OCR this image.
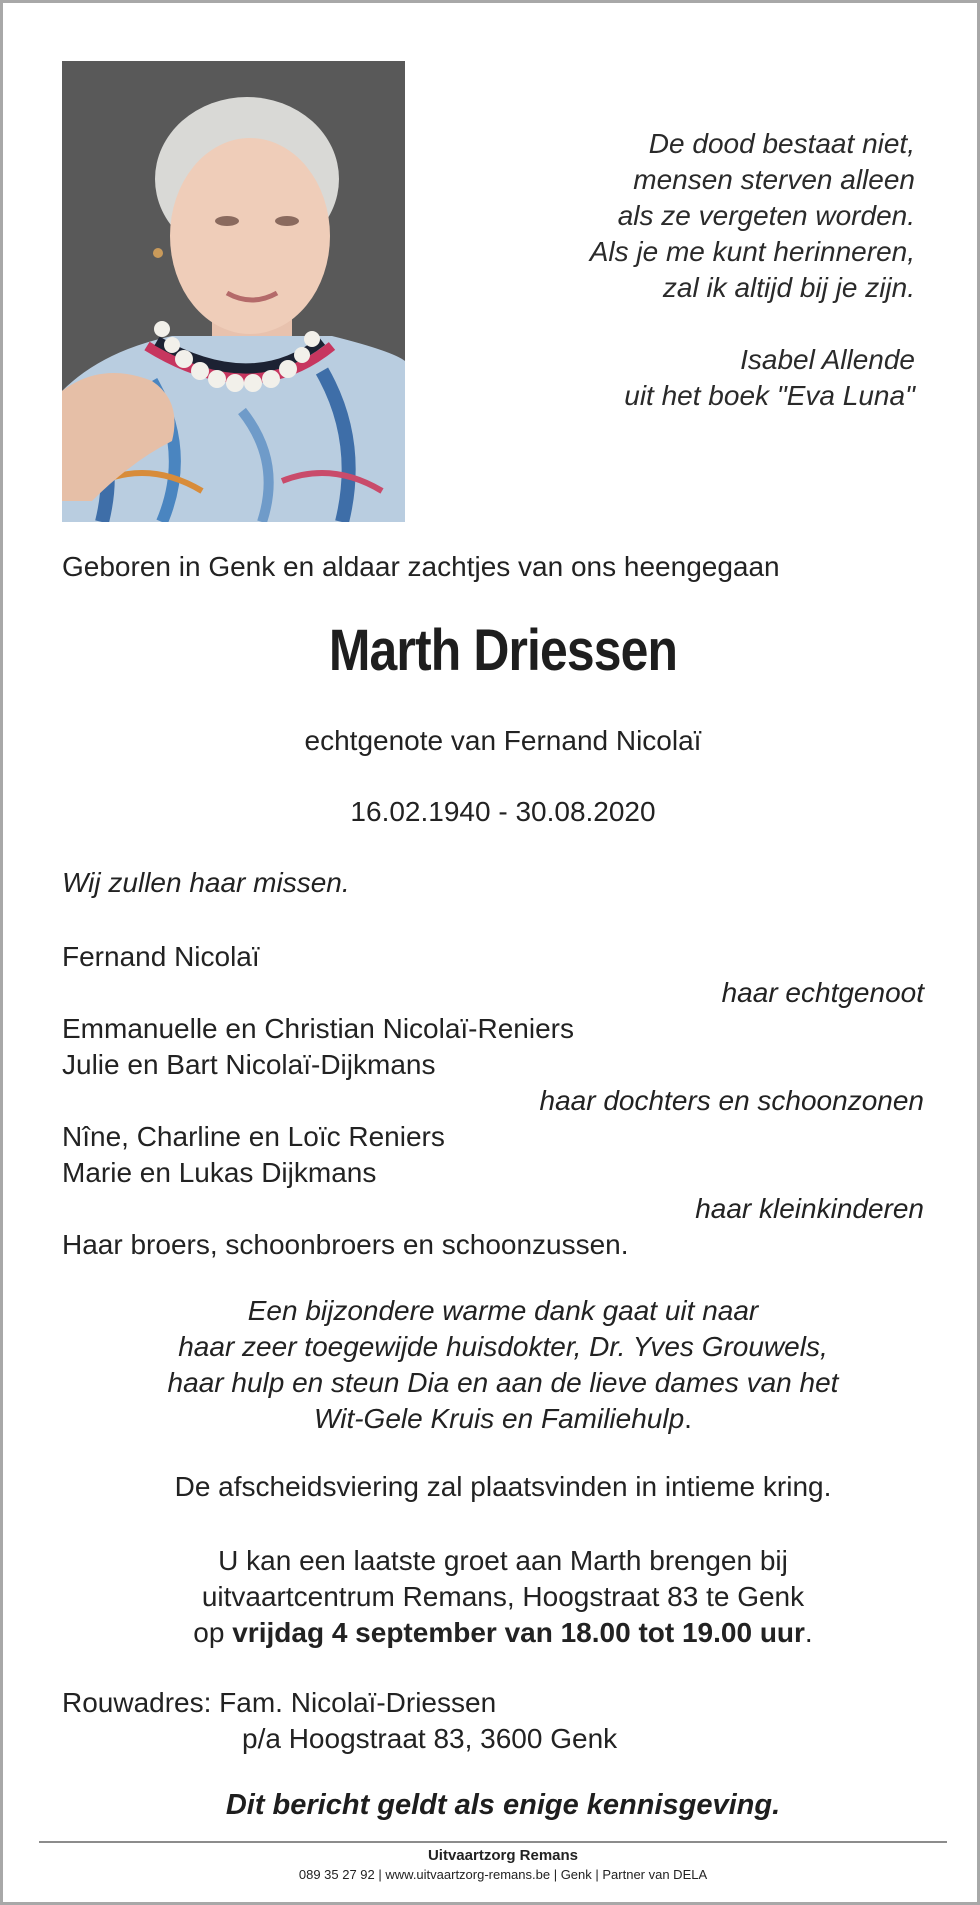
De dood bestaat niet,
mensen sterven alleen
als ze vergeten worden.
Als je me kunt herinneren,
zal ik altijd bij je zijn.
Isabel Allende
uit het boek "Eva Luna"
Geboren in Genk en aldaar zachtjes van ons heengegaan
Marth Driessen
echtgenote van Fernand Nicolaï
16.02.1940 - 30.08.2020
Wij zullen haar missen.
Fernand Nicolaï
haar echtgenoot
Emmanuelle en Christian Nicolaï-Reniers
Julie en Bart Nicolaï-Dijkmans
haar dochters en schoonzonen
Nîne, Charline en Loïc Reniers
Marie en Lukas Dijkmans
haar kleinkinderen
Haar broers, schoonbroers en schoonzussen.
Een bijzondere warme dank gaat uit naar
haar zeer toegewijde huisdokter, Dr. Yves Grouwels,
haar hulp en steun Dia en aan de lieve dames van het
Wit-Gele Kruis en Familiehulp.
De afscheidsviering zal plaatsvinden in intieme kring.
U kan een laatste groet aan Marth brengen bij
uitvaartcentrum Remans, Hoogstraat 83 te Genk
op vrijdag 4 september van 18.00 tot 19.00 uur.
Rouwadres: Fam. Nicolaï-Driessen
p/a Hoogstraat 83, 3600 Genk
Dit bericht geldt als enige kennisgeving.
Uitvaartzorg Remans
089 35 27 92 | www.uitvaartzorg-remans.be | Genk | Partner van DELA
